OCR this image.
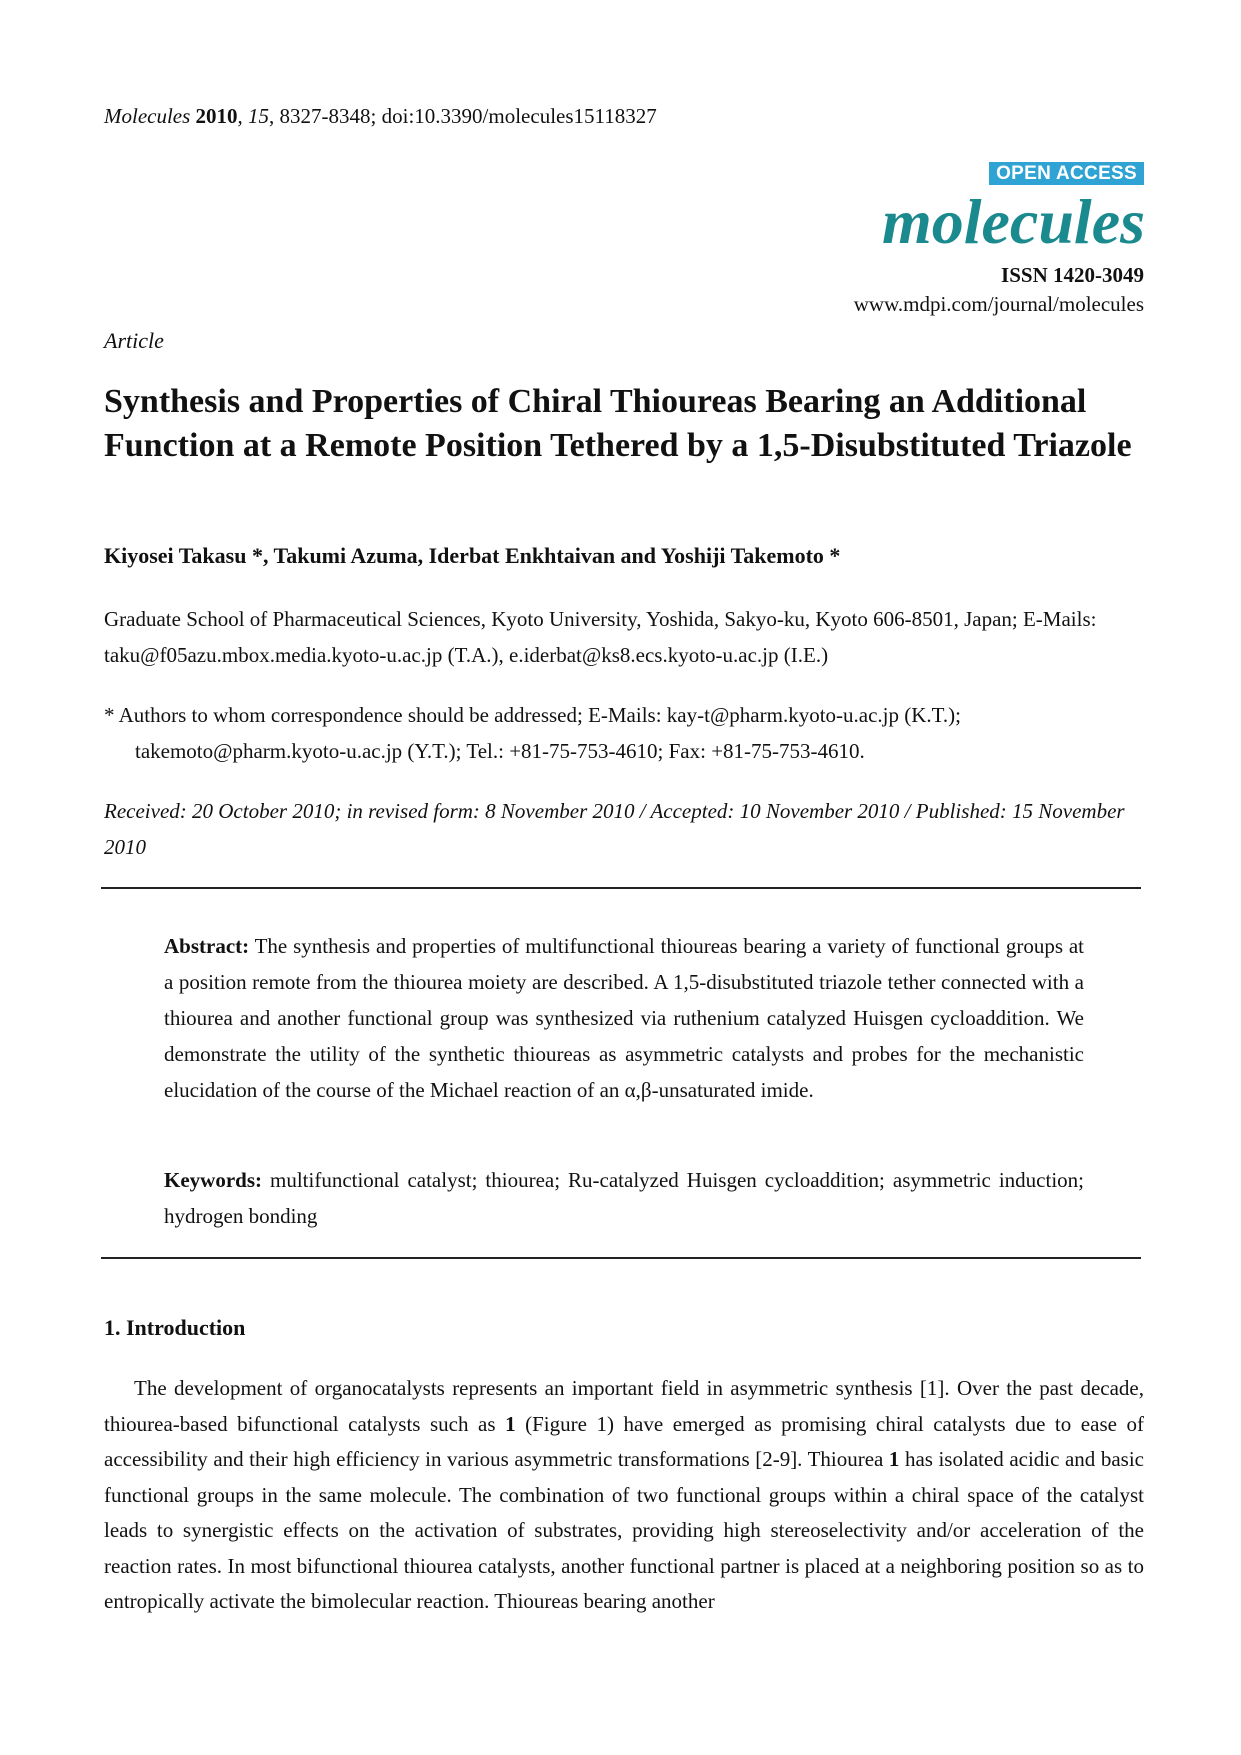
Molecules 2010, 15, 8327-8348; doi:10.3390/molecules15118327
OPEN ACCESS
molecules
ISSN 1420-3049
www.mdpi.com/journal/molecules
Article
Synthesis and Properties of Chiral Thioureas Bearing an Additional Function at a Remote Position Tethered by a 1,5-Disubstituted Triazole
Kiyosei Takasu *, Takumi Azuma, Iderbat Enkhtaivan and Yoshiji Takemoto *
Graduate School of Pharmaceutical Sciences, Kyoto University, Yoshida, Sakyo-ku, Kyoto 606-8501, Japan; E-Mails: taku@f05azu.mbox.media.kyoto-u.ac.jp (T.A.), e.iderbat@ks8.ecs.kyoto-u.ac.jp (I.E.)
* Authors to whom correspondence should be addressed; E-Mails: kay-t@pharm.kyoto-u.ac.jp (K.T.);
takemoto@pharm.kyoto-u.ac.jp (Y.T.); Tel.: +81-75-753-4610; Fax: +81-75-753-4610.
Received: 20 October 2010; in revised form: 8 November 2010 / Accepted: 10 November 2010 / Published: 15 November 2010
Abstract: The synthesis and properties of multifunctional thioureas bearing a variety of functional groups at a position remote from the thiourea moiety are described. A 1,5-disubstituted triazole tether connected with a thiourea and another functional group was synthesized via ruthenium catalyzed Huisgen cycloaddition. We demonstrate the utility of the synthetic thioureas as asymmetric catalysts and probes for the mechanistic elucidation of the course of the Michael reaction of an α,β-unsaturated imide.
Keywords: multifunctional catalyst; thiourea; Ru-catalyzed Huisgen cycloaddition; asymmetric induction; hydrogen bonding
1. Introduction
The development of organocatalysts represents an important field in asymmetric synthesis [1]. Over the past decade, thiourea-based bifunctional catalysts such as 1 (Figure 1) have emerged as promising chiral catalysts due to ease of accessibility and their high efficiency in various asymmetric transformations [2-9]. Thiourea 1 has isolated acidic and basic functional groups in the same molecule. The combination of two functional groups within a chiral space of the catalyst leads to synergistic effects on the activation of substrates, providing high stereoselectivity and/or acceleration of the reaction rates. In most bifunctional thiourea catalysts, another functional partner is placed at a neighboring position so as to entropically activate the bimolecular reaction. Thioureas bearing another
